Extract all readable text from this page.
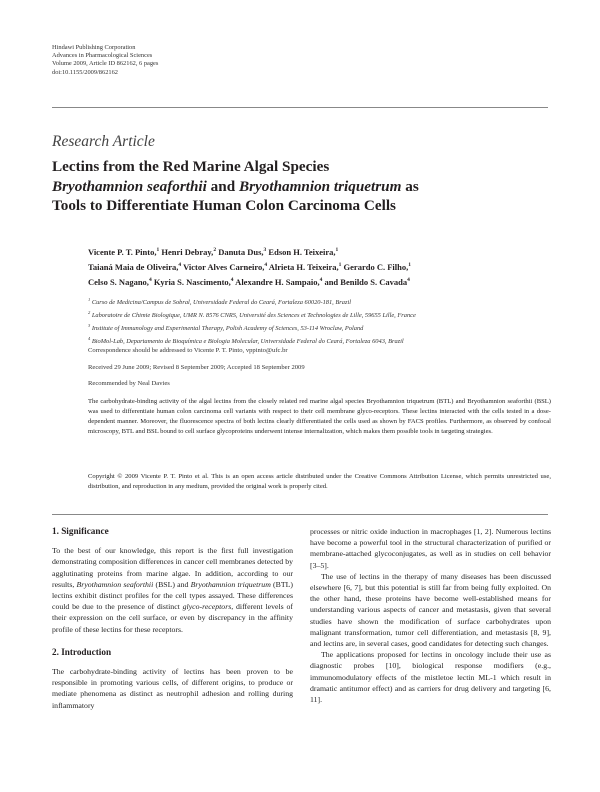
Hindawi Publishing Corporation
Advances in Pharmacological Sciences
Volume 2009, Article ID 862162, 6 pages
doi:10.1155/2009/862162
Research Article
Lectins from the Red Marine Algal Species
Bryothamnion seaforthii and Bryothamnion triquetrum as
Tools to Differentiate Human Colon Carcinoma Cells
Vicente P. T. Pinto,$^1$ Henri Debray,$^2$ Danuta Dus,$^3$ Edson H. Teixeira,$^1$
Taianá Maia de Oliveira,$^4$ Victor Alves Carneiro,$^4$ Alrieta H. Teixeira,$^1$ Gerardo C. Filho,$^1$
Celso S. Nagano,$^4$ Kyria S. Nascimento,$^4$ Alexandre H. Sampaio,$^4$ and Benildo S. Cavada$^4$
$^1$ Curso de Medicina/Campus de Sobral, Universidade Federal do Ceará, Fortaleza 60020-181, Brazil
$^2$ Laboratoire de Chimie Biologique, UMR N. 8576 CNRS, Université des Sciences et Technologies de Lille, 59655 Lille, France
$^3$ Institute of Immunology and Experimental Therapy, Polish Academy of Sciences, 53-114 Wroclaw, Poland
$^4$ BioMol-Lab, Departamento de Bioquímica e Biologia Molecular, Universidade Federal do Ceará, Fortaleza 6043, Brazil
Correspondence should be addressed to Vicente P. T. Pinto, vppinto@ufc.br
Received 29 June 2009; Revised 8 September 2009; Accepted 18 September 2009
Recommended by Neal Davies
The carbohydrate-binding activity of the algal lectins from the closely related red marine algal species Bryothamnion triquetrum (BTL) and Bryothamnion seaforthii (BSL) was used to differentiate human colon carcinoma cell variants with respect to their cell membrane glyco-receptors. These lectins interacted with the cells tested in a dose-dependent manner. Moreover, the fluorescence spectra of both lectins clearly differentiated the cells used as shown by FACS profiles. Furthermore, as observed by confocal microscopy, BTL and BSL bound to cell surface glycoproteins underwent intense internalization, which makes them possible tools in targeting strategies.
Copyright © 2009 Vicente P. T. Pinto et al. This is an open access article distributed under the Creative Commons Attribution License, which permits unrestricted use, distribution, and reproduction in any medium, provided the original work is properly cited.
1. Significance

To the best of our knowledge, this report is the first full investigation demonstrating composition differences in cancer cell membranes detected by agglutinating proteins from marine algae. In addition, according to our results, Bryothamnion seaforthii (BSL) and Bryothamnion triquetrum (BTL) lectins exhibit distinct profiles for the cell types assayed. These differences could be due to the presence of distinct glyco-receptors, different levels of their expression on the cell surface, or even by discrepancy in the affinity profile of these lectins for these receptors.

2. Introduction

The carbohydrate-binding activity of lectins has been proven to be responsible in promoting various cells, of different origins, to produce or mediate phenomena as distinct as neutrophil adhesion and rolling during inflammatory

processes or nitric oxide induction in macrophages [1, 2]. Numerous lectins have become a powerful tool in the structural characterization of purified or membrane-attached glycoconjugates, as well as in studies on cell behavior [3–5].

The use of lectins in the therapy of many diseases has been discussed elsewhere [6, 7], but this potential is still far from being fully exploited. On the other hand, these proteins have become well-established means for understanding various aspects of cancer and metastasis, given that several studies have shown the modification of surface carbohydrates upon malignant transformation, tumor cell differentiation, and metastasis [8, 9], and lectins are, in several cases, good candidates for detecting such changes.

The applications proposed for lectins in oncology include their use as diagnostic probes [10], biological response modifiers (e.g., immunomodulatory effects of the mistletoe lectin ML-1 which result in dramatic antitumor effect) and as carriers for drug delivery and targeting [6, 11].
